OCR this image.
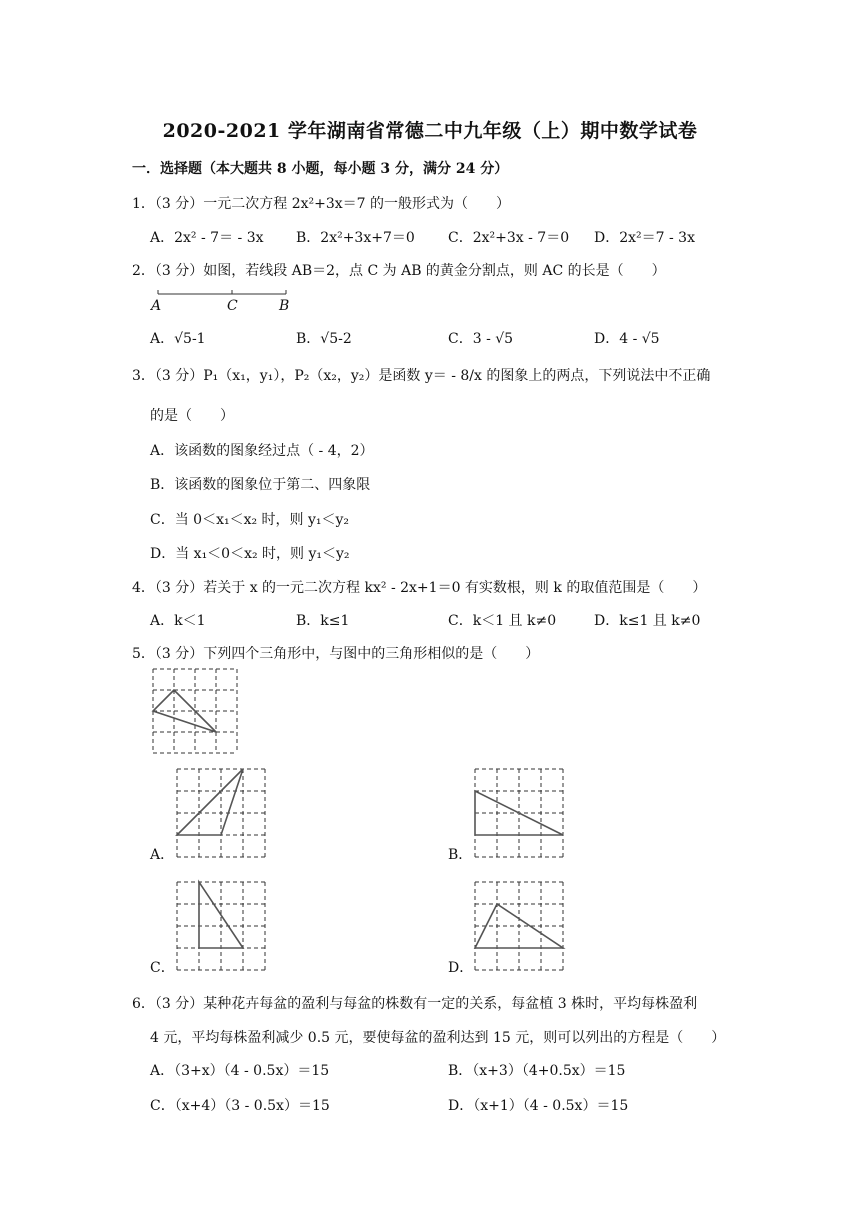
2020-2021 学年湖南省常德二中九年级（上）期中数学试卷
一．选择题（本大题共 8 小题，每小题 3 分，满分 24 分）
1．（3 分）一元二次方程 2x²+3x＝7 的一般形式为（　　）
A．2x² - 7＝ - 3x B．2x²+3x+7＝0 C．2x²+3x - 7＝0 D．2x²＝7 - 3x
2．（3 分）如图，若线段 AB＝2，点 C 为 AB 的黄金分割点，则 AC 的长是（　　）
A	C	B
A．√5-1	B．√5-2	C．3 - √5	D．4 - √5
3．（3 分）P₁（x₁，y₁），P₂（x₂，y₂）是函数 y＝ - 8/x 的图象上的两点，下列说法中不正确
的是（　　）
A．该函数的图象经过点（ - 4，2）
B．该函数的图象位于第二、四象限
C．当 0＜x₁＜x₂ 时，则 y₁＜y₂
D．当 x₁＜0＜x₂ 时，则 y₁＜y₂
4．（3 分）若关于 x 的一元二次方程 kx² - 2x+1＝0 有实数根，则 k 的取值范围是（　　）
A．k＜1	B．k≤1	C．k＜1 且 k≠0	D．k≤1 且 k≠0
5．（3 分）下列四个三角形中，与图中的三角形相似的是（　　）
A．	B．
C．	D．
6．（3 分）某种花卉每盆的盈利与每盆的株数有一定的关系，每盆植 3 株时，平均每株盈利
4 元，平均每株盈利减少 0.5 元，要使每盆的盈利达到 15 元，则可以列出的方程是（　　）
A．（3+x）（4 - 0.5x）＝15	B．（x+3）（4+0.5x）＝15
C．（x+4）（3 - 0.5x）＝15	D．（x+1）（4 - 0.5x）＝15
